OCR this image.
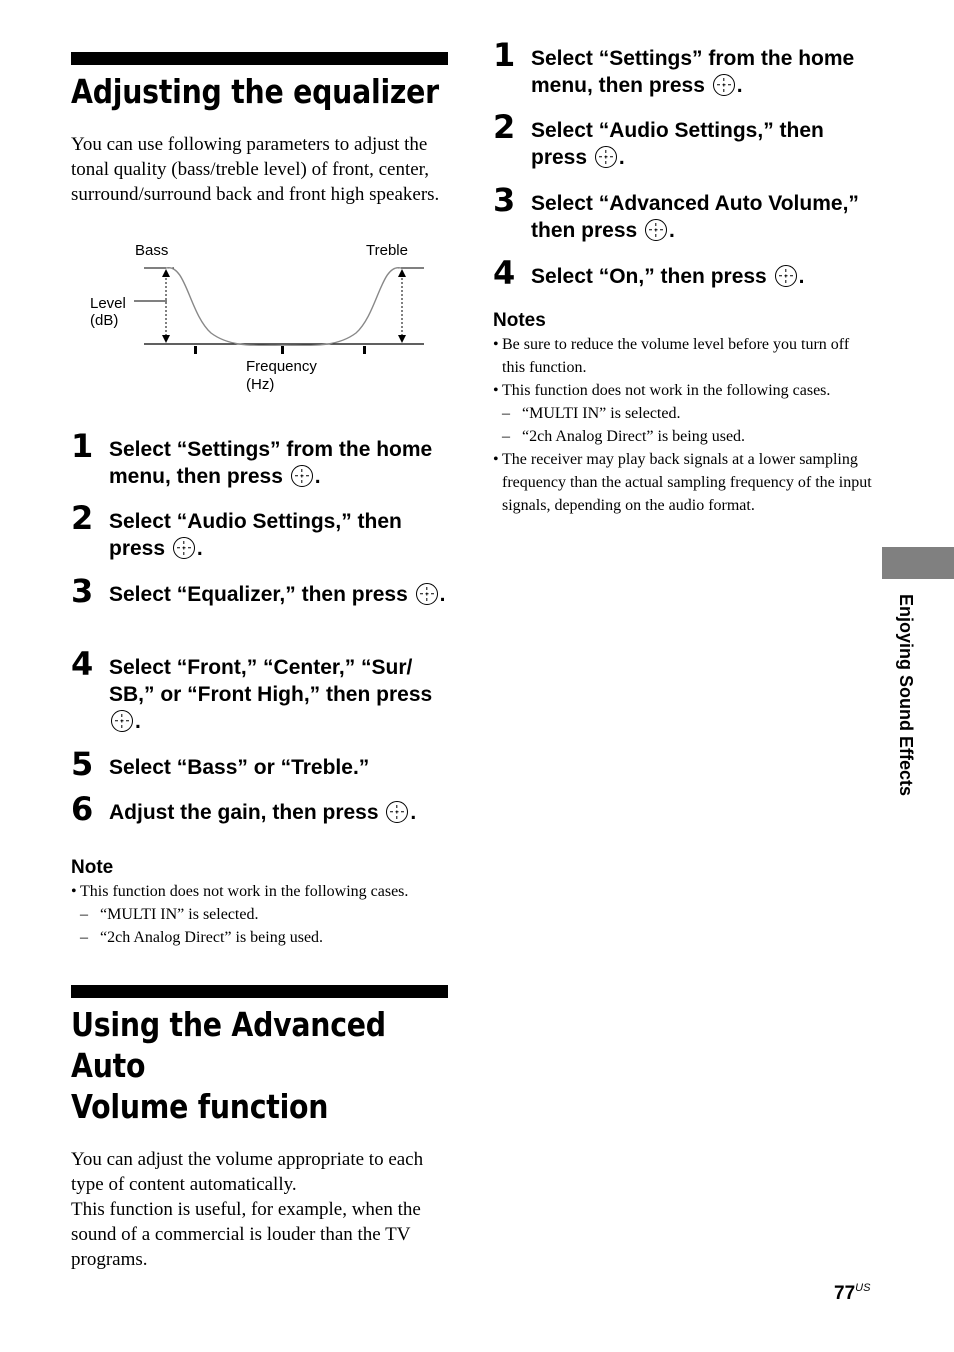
Adjusting the equalizer

You can use following parameters to adjust the tonal quality (bass/treble level) of front, center, surround/surround back and front high speakers.

Bass	Treble
Level
(dB)
Frequency
(Hz)
1 Select “Settings” from the home menu, then press .
2 Select “Audio Settings,” then press .
3 Select “Equalizer,” then press .
4 Select “Front,” “Center,” “Sur/ SB,” or “Front High,” then press .
5 Select “Bass” or “Treble.”
6 Adjust the gain, then press .
Note
• This function does not work in the following cases.
– “MULTI IN” is selected.
– “2ch Analog Direct” is being used.
Using the Advanced Auto
Volume function

You can adjust the volume appropriate to each type of content automatically.

This function is useful, for example, when the sound of a commercial is louder than the TV programs.

1 Select “Settings” from the home menu, then press .
2 Select “Audio Settings,” then press .
3 Select “Advanced Auto Volume,” then press .
4 Select “On,” then press .
Notes
• Be sure to reduce the volume level before you turn off this function.
• This function does not work in the following cases.
– “MULTI IN” is selected.
– “2ch Analog Direct” is being used.
• The receiver may play back signals at a lower sampling frequency than the actual sampling frequency of the input signals, depending on the audio format.
Enjoying Sound Effects
$77^{US}$
